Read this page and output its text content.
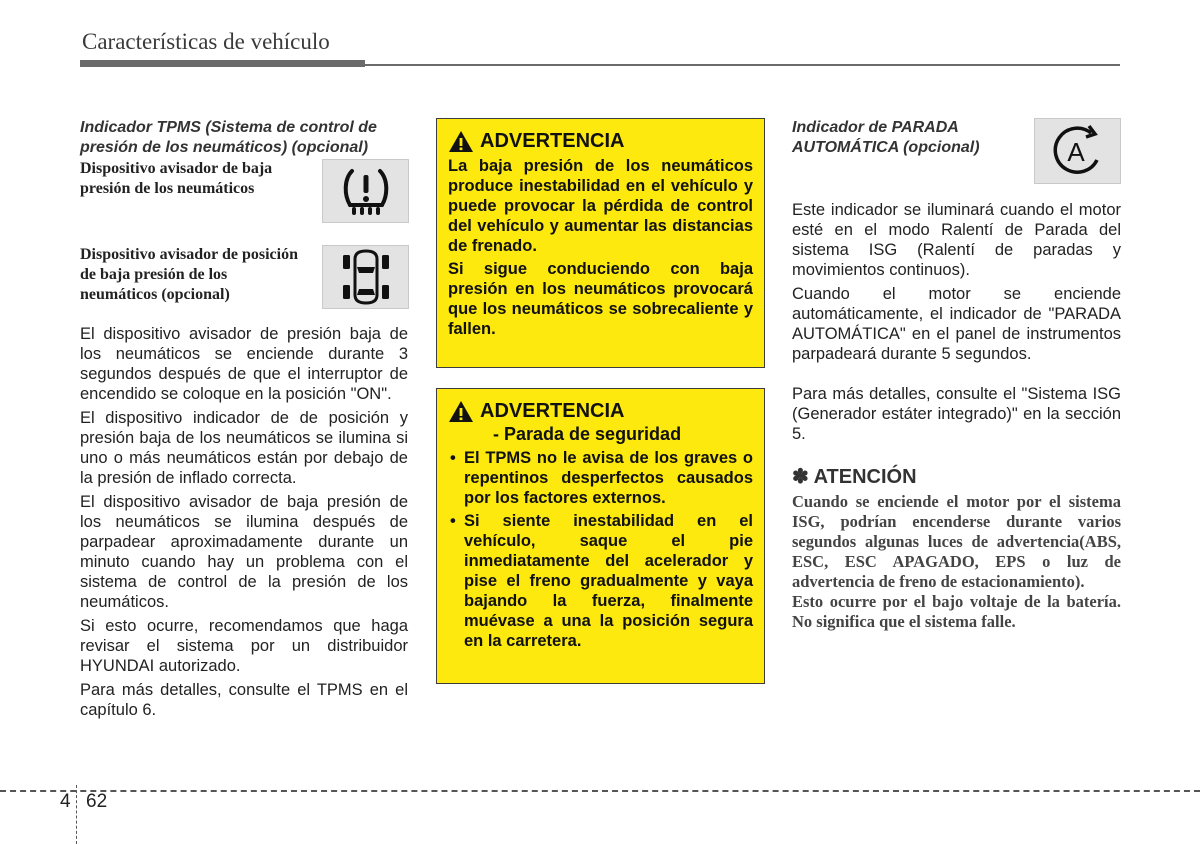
Características de vehículo
Indicador TPMS (Sistema de control de presión de los neumáticos) (opcional)
Dispositivo avisador de baja presión de los neumáticos
Dispositivo avisador de posición de baja presión de los neumáticos (opcional)

El dispositivo avisador de presión baja de los neumáticos se enciende durante 3 segundos después de que el interruptor de encendido se coloque en la posición "ON".

El dispositivo indicador de de posición y presión baja de los neumáticos se ilumina si uno o más neumáticos están por debajo de la presión de inflado correcta.

El dispositivo avisador de baja presión de los neumáticos se ilumina después de parpadear aproximadamente durante un minuto cuando hay un problema con el sistema de control de la presión de los neumáticos.

Si esto ocurre, recomendamos que haga revisar el sistema por un distribuidor HYUNDAI autorizado.

Para más detalles, consulte el TPMS en el capítulo 6.

ADVERTENCIA

La baja presión de los neumáticos produce inestabilidad en el vehículo y puede provocar la pérdida de control del vehículo y aumentar las distancias de frenado.

Si sigue conduciendo con baja presión en los neumáticos provocará que los neumáticos se sobrecaliente y fallen.

ADVERTENCIA
- Parada de seguridad
• El TPMS no le avisa de los graves o repentinos desperfectos causados por los factores externos.
• Si siente inestabilidad en el vehículo, saque el pie inmediatamente del acelerador y pise el freno gradualmente y vaya bajando la fuerza, finalmente muévase a una la posición segura en la carretera.
Indicador de PARADA AUTOMÁTICA (opcional)	A

Este indicador se iluminará cuando el motor esté en el modo Ralentí de Parada del sistema ISG (Ralentí de paradas y movimientos continuos).

Cuando el motor se enciende automáticamente, el indicador de "PARADA AUTOMÁTICA" en el panel de instrumentos parpadeará durante 5 segundos.

Para más detalles, consulte el "Sistema ISG (Generador estáter integrado)" en la sección 5.

✽ ATENCIÓN

Cuando se enciende el motor por el sistema ISG, podrían encenderse durante varios segundos algunas luces de advertencia(ABS, ESC, ESC APAGADO, EPS o luz de advertencia de freno de estacionamiento).

Esto ocurre por el bajo voltaje de la batería. No significa que el sistema falle.

4 62
